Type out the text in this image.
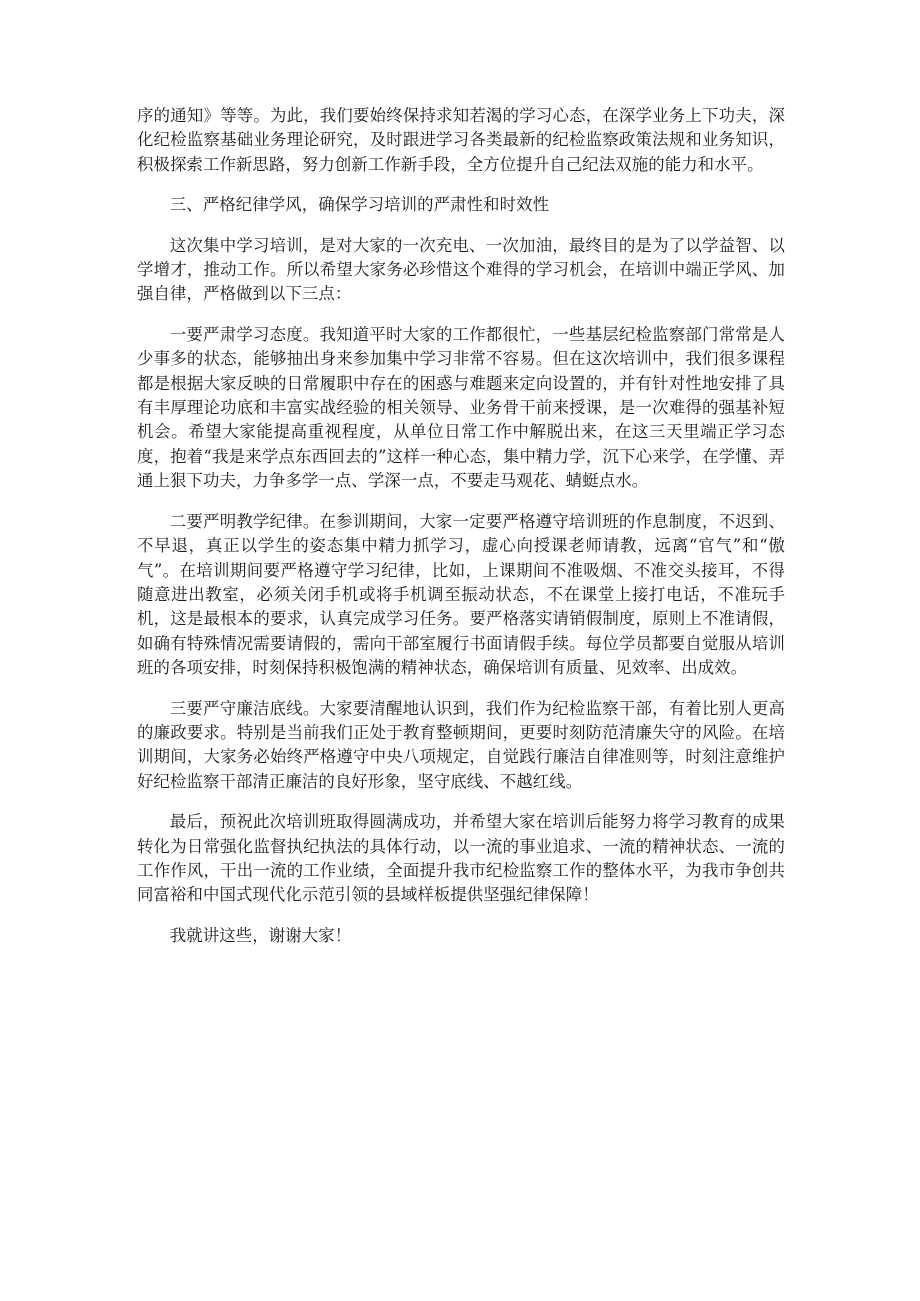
序的通知》等等。为此，我们要始终保持求知若渴的学习心态，在深学业务上下功夫，深化纪检监察基础业务理论研究，及时跟进学习各类最新的纪检监察政策法规和业务知识，积极探索工作新思路，努力创新工作新手段，全方位提升自己纪法双施的能力和水平。

三、严格纪律学风，确保学习培训的严肃性和时效性

这次集中学习培训，是对大家的一次充电、一次加油，最终目的是为了以学益智、以学增才，推动工作。所以希望大家务必珍惜这个难得的学习机会，在培训中端正学风、加强自律，严格做到以下三点：

一要严肃学习态度。我知道平时大家的工作都很忙，一些基层纪检监察部门常常是人少事多的状态，能够抽出身来参加集中学习非常不容易。但在这次培训中，我们很多课程都是根据大家反映的日常履职中存在的困惑与难题来定向设置的，并有针对性地安排了具有丰厚理论功底和丰富实战经验的相关领导、业务骨干前来授课，是一次难得的强基补短机会。希望大家能提高重视程度，从单位日常工作中解脱出来，在这三天里端正学习态度，抱着“我是来学点东西回去的”这样一种心态，集中精力学，沉下心来学，在学懂、弄通上狠下功夫，力争多学一点、学深一点，不要走马观花、蜻蜓点水。

二要严明教学纪律。在参训期间，大家一定要严格遵守培训班的作息制度，不迟到、不早退，真正以学生的姿态集中精力抓学习，虚心向授课老师请教，远离“官气”和“傲气”。在培训期间要严格遵守学习纪律，比如，上课期间不准吸烟、不准交头接耳，不得随意进出教室，必须关闭手机或将手机调至振动状态，不在课堂上接打电话，不准玩手机，这是最根本的要求，认真完成学习任务。要严格落实请销假制度，原则上不准请假，如确有特殊情况需要请假的，需向干部室履行书面请假手续。每位学员都要自觉服从培训班的各项安排，时刻保持积极饱满的精神状态，确保培训有质量、见效率、出成效。

三要严守廉洁底线。大家要清醒地认识到，我们作为纪检监察干部，有着比别人更高的廉政要求。特别是当前我们正处于教育整顿期间，更要时刻防范清廉失守的风险。在培训期间，大家务必始终严格遵守中央八项规定，自觉践行廉洁自律准则等，时刻注意维护好纪检监察干部清正廉洁的良好形象，坚守底线、不越红线。

最后，预祝此次培训班取得圆满成功，并希望大家在培训后能努力将学习教育的成果转化为日常强化监督执纪执法的具体行动，以一流的事业追求、一流的精神状态、一流的工作作风，干出一流的工作业绩，全面提升我市纪检监察工作的整体水平，为我市争创共同富裕和中国式现代化示范引领的县域样板提供坚强纪律保障！

我就讲这些，谢谢大家！
